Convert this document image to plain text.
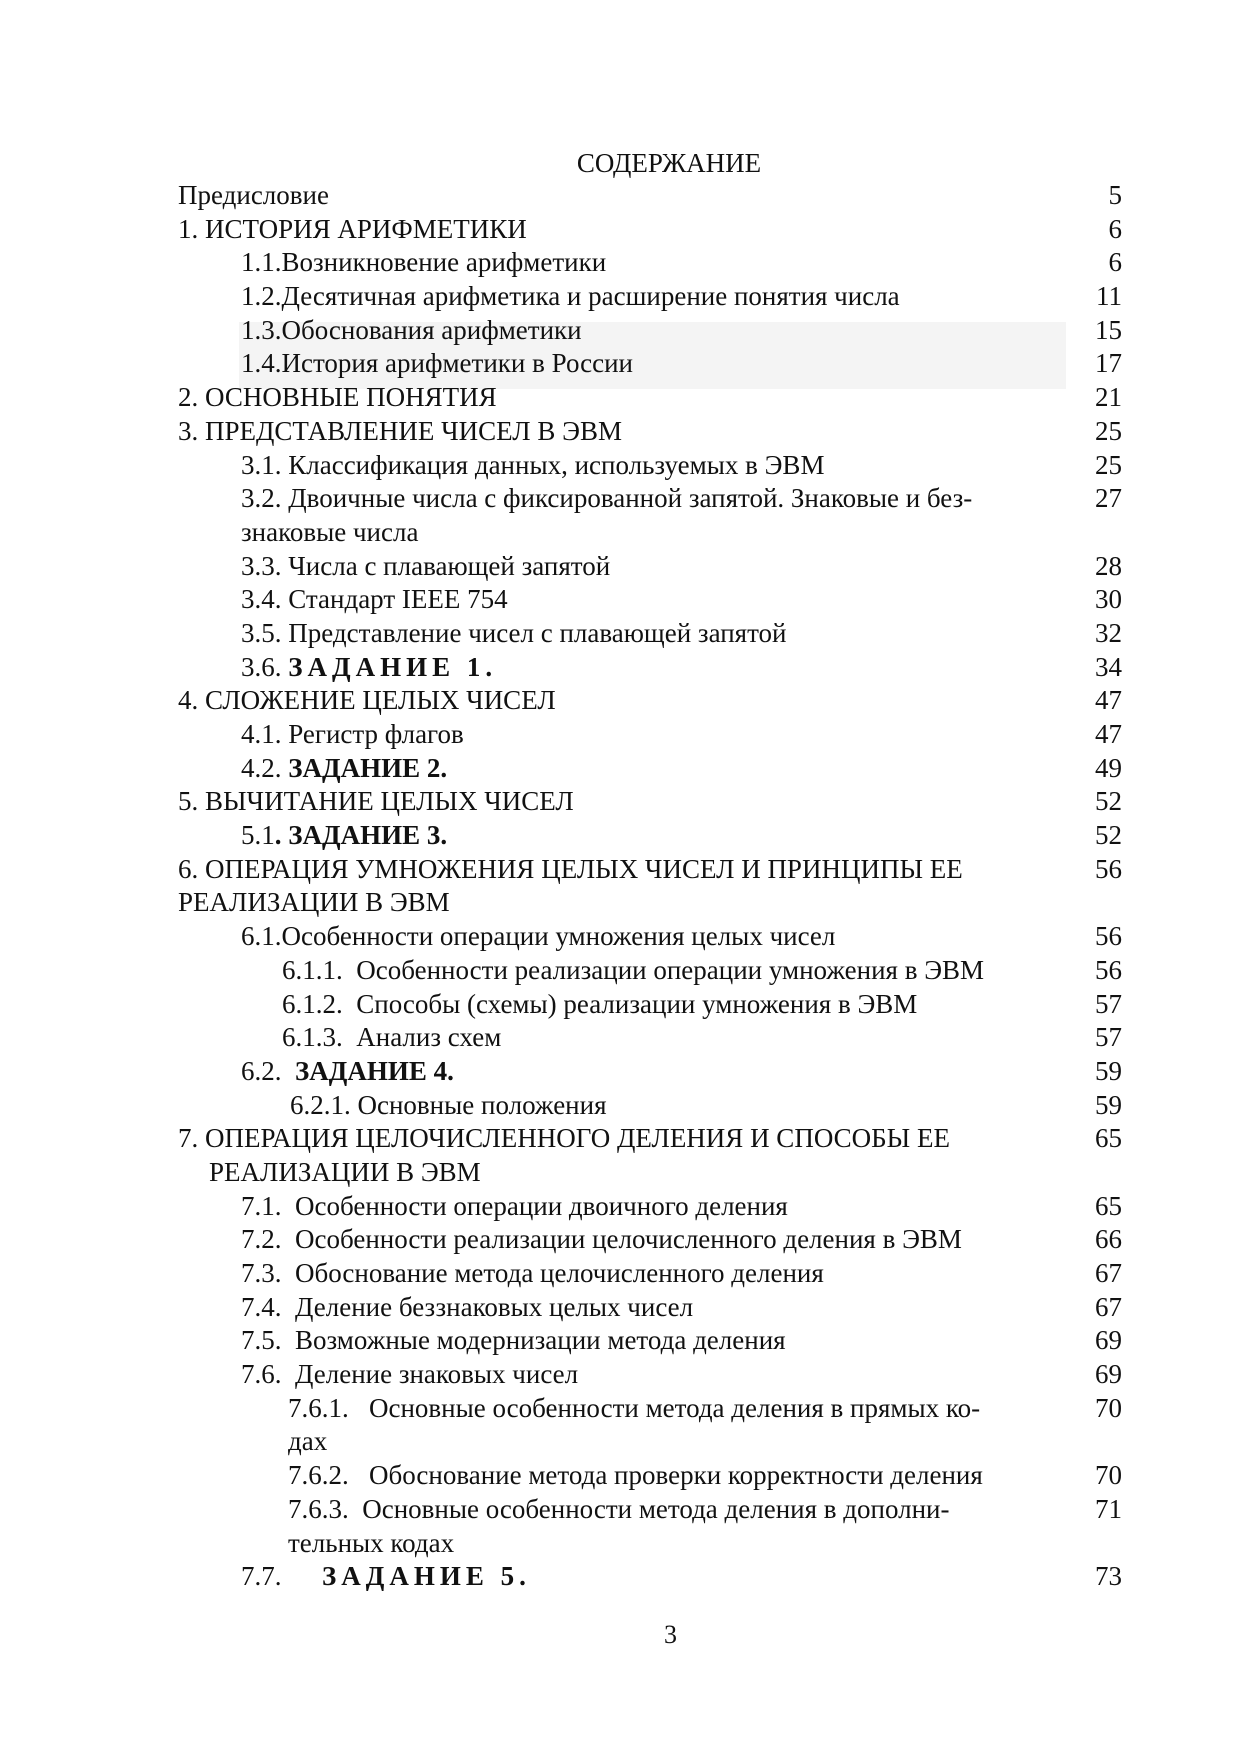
СОДЕРЖАНИЕ
Предисловие	5
1. ИСТОРИЯ АРИФМЕТИКИ	6
1.1.Возникновение арифметики	6
1.2.Десятичная арифметика и расширение понятия числа	11
1.3.Обоснования арифметики	15
1.4.История арифметики в России	17
2. ОСНОВНЫЕ ПОНЯТИЯ	21
3. ПРЕДСТАВЛЕНИЕ ЧИСЕЛ В ЭВМ	25
3.1. Классификация данных, используемых в ЭВМ	25
3.2. Двоичные числа с фиксированной запятой. Знаковые и без-	27
знаковые числа
3.3. Числа с плавающей запятой	28
3.4. Стандарт IEEE 754	30
3.5. Представление чисел с плавающей запятой	32
3.6. ЗАДАНИЕ 1.	34
4. СЛОЖЕНИЕ ЦЕЛЫХ ЧИСЕЛ	47
4.1. Регистр флагов	47
4.2. ЗАДАНИЕ 2.	49
5. ВЫЧИТАНИЕ ЦЕЛЫХ ЧИСЕЛ	52
5.1. ЗАДАНИЕ 3.	52
6. ОПЕРАЦИЯ УМНОЖЕНИЯ ЦЕЛЫХ ЧИСЕЛ И ПРИНЦИПЫ ЕЕ	56
РЕАЛИЗАЦИИ В ЭВМ
6.1.Особенности операции умножения целых чисел	56
6.1.1.  Особенности реализации операции умножения в ЭВМ	56
6.1.2.  Способы (схемы) реализации умножения в ЭВМ	57
6.1.3.  Анализ схем	57
6.2.  ЗАДАНИЕ 4.	59
6.2.1. Основные положения	59
7. ОПЕРАЦИЯ ЦЕЛОЧИСЛЕННОГО ДЕЛЕНИЯ И СПОСОБЫ ЕЕ	65
РЕАЛИЗАЦИИ В ЭВМ
7.1.  Особенности операции двоичного деления	65
7.2.  Особенности реализации целочисленного деления в ЭВМ	66
7.3.  Обоснование метода целочисленного деления	67
7.4.  Деление беззнаковых целых чисел	67
7.5.  Возможные модернизации метода деления	69
7.6.  Деление знаковых чисел	69
7.6.1.   Основные особенности метода деления в прямых ко-	70
дах
7.6.2.   Обоснование метода проверки корректности деления	70
7.6.3.  Основные особенности метода деления в дополни-	71
тельных кодах
7.7.      ЗАДАНИЕ 5.	73
3
